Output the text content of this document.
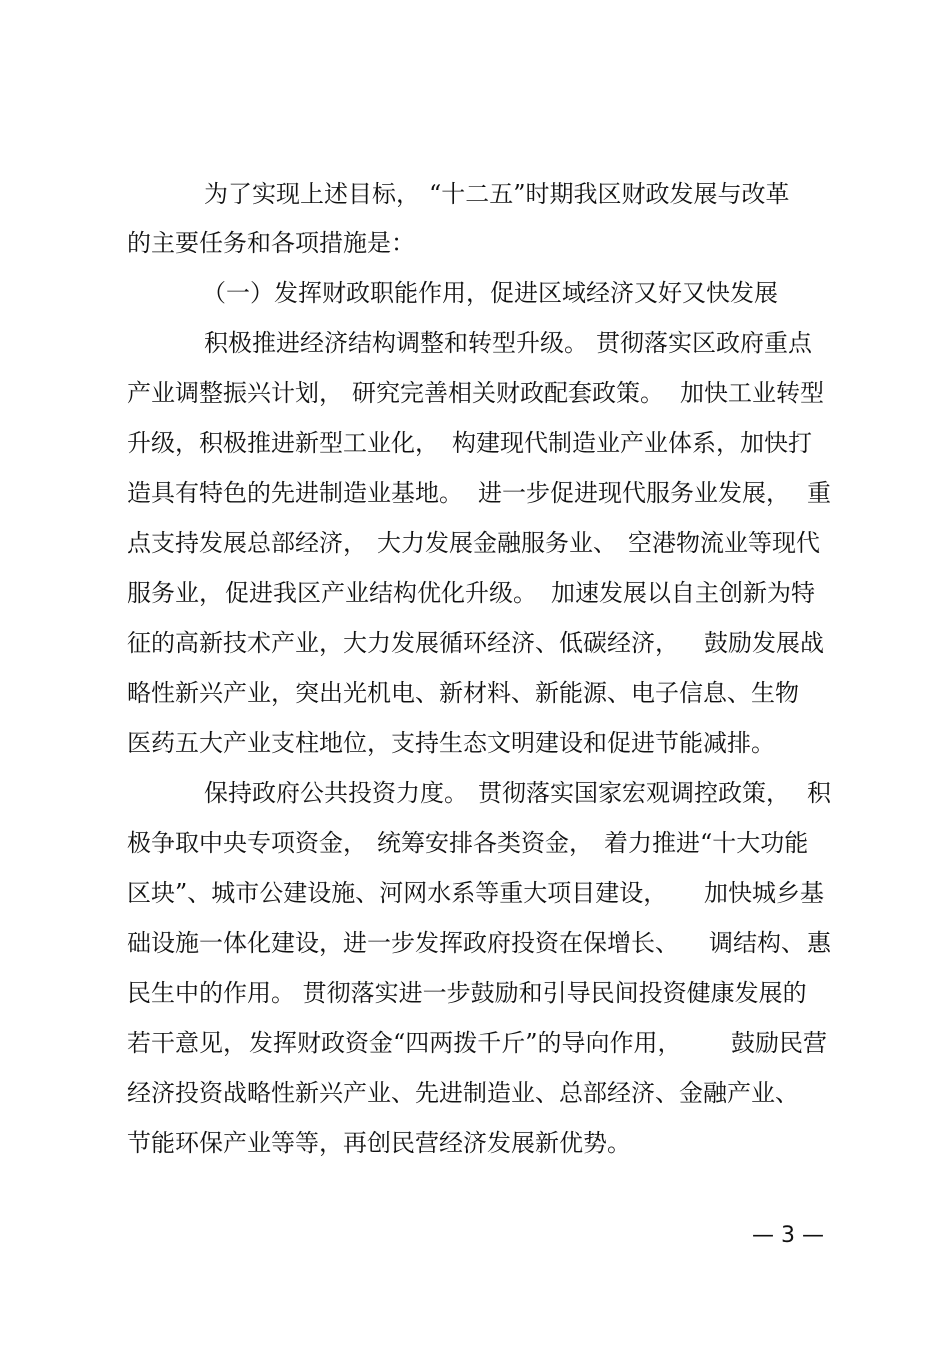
为了实现上述目标，

“十二五”时期我区财政发展与改革

的主要任务和各项措施是：

（一）发挥财政职能作用，促进区域经济又好又快发展

积极推进经济结构调整和转型升级。

贯彻落实区政府重点

产业调整振兴计划，

研究完善相关财政配套政策。

加快工业转型

升级，积极推进新型工业化，

构建现代制造业产业体系，加快打

造具有特色的先进制造业基地。

进一步促进现代服务业发展，

重

点支持发展总部经济，

大力发展金融服务业、

空港物流业等现代

服务业，

促进我区产业结构优化升级。

加速发展以自主创新为特

征的高新技术产业，大力发展循环经济、低碳经济，

鼓励发展战

略性新兴产业，突出光机电、新材料、新能源、电子信息、生物

医药五大产业支柱地位，支持生态文明建设和促进节能减排。

保持政府公共投资力度。

贯彻落实国家宏观调控政策，

积

极争取中央专项资金，

统筹安排各类资金，

着力推进“十大功能

区块”、城市公建设施、河网水系等重大项目建设，

加快城乡基

础设施一体化建设，进一步发挥政府投资在保增长、

调结构、

惠

民生中的作用。 贯彻落实进一步鼓励和引导民间投资健康发展的

若干意见，

发挥财政资金“四两拨千斤”的导向作用，

鼓励民营

经济投资战略性新兴产业、先进制造业、总部经济、金融产业、

节能环保产业等等，再创民营经济发展新优势。

— 3 —
